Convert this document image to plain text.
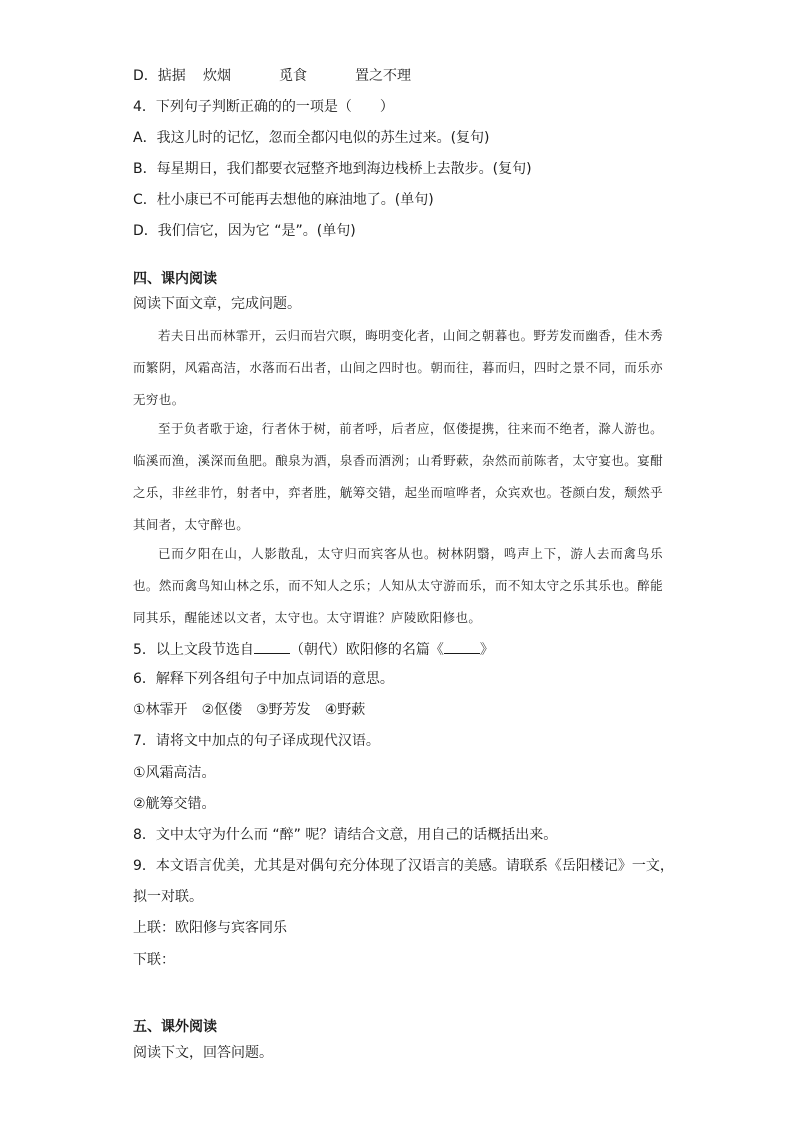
D．掂据 炊烟	觅食	置之不理
4．下列句子判断正确的的一项是（　　）
A．我这儿时的记忆，忽而全都闪电似的苏生过来。(复句)
B．每星期日，我们都要衣冠整齐地到海边栈桥上去散步。(复句)
C．杜小康已不可能再去想他的麻油地了。(单句)
D．我们信它，因为它 “是”。(单句)
四、课内阅读
阅读下面文章，完成问题。
若夫日出而林霏开，云归而岩穴暝，晦明变化者，山间之朝暮也。野芳发而幽香，佳木秀而繁阴，风霜高洁，水落而石出者，山间之四时也。朝而往，暮而归，四时之景不同，而乐亦无穷也。
至于负者歌于途，行者休于树，前者呼，后者应，伛偻提携，往来而不绝者，滁人游也。临溪而渔，溪深而鱼肥。酿泉为酒，泉香而酒洌；山肴野蔌，杂然而前陈者，太守宴也。宴酣之乐，非丝非竹，射者中，弈者胜，觥筹交错，起坐而喧哗者，众宾欢也。苍颜白发，颓然乎其间者，太守醉也。
已而夕阳在山，人影散乱，太守归而宾客从也。树林阴翳，鸣声上下，游人去而禽鸟乐也。然而禽鸟知山林之乐，而不知人之乐；人知从太守游而乐，而不知太守之乐其乐也。醉能同其乐，醒能述以文者，太守也。太守谓谁？庐陵欧阳修也。
5．以上文段节选自	（朝代）欧阳修的名篇《	》
6．解释下列各组句子中加点词语的意思。
①林霏开 ②伛偻 ③野芳发 ④野蔌
7．请将文中加点的句子译成现代汉语。
①风霜高洁。
②觥筹交错。
8．文中太守为什么而 “醉” 呢？请结合文意，用自己的话概括出来。
9．本文语言优美，尤其是对偶句充分体现了汉语言的美感。请联系《岳阳楼记》一文，
拟一对联。
上联：欧阳修与宾客同乐
下联：
五、课外阅读
阅读下文，回答问题。
